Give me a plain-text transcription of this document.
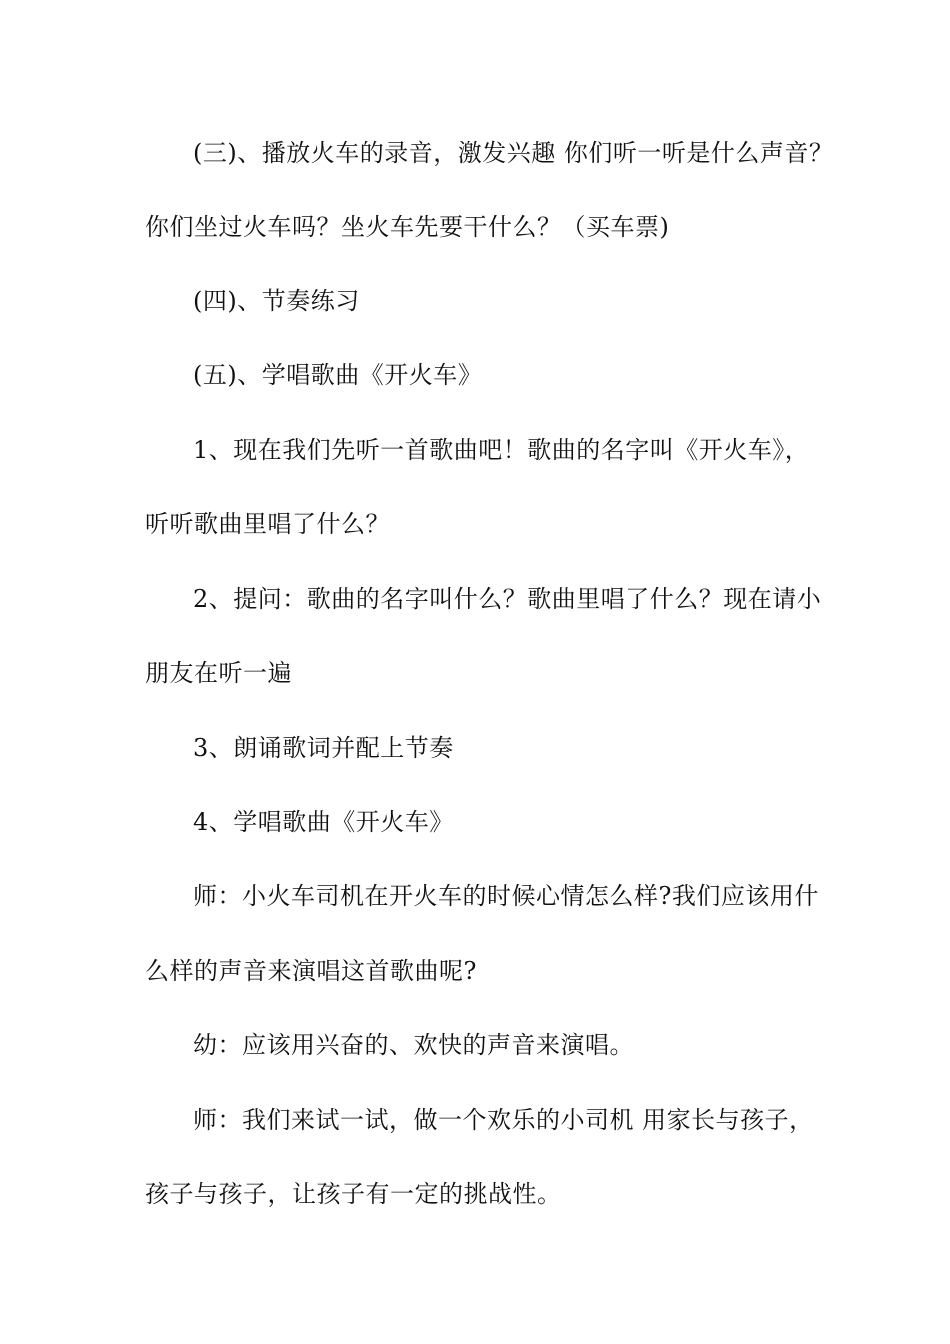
(三)、播放火车的录音，激发兴趣 你们听一听是什么声音？
你们坐过火车吗？坐火车先要干什么？（买车票)
(四)、节奏练习
(五)、学唱歌曲《开火车》
1、现在我们先听一首歌曲吧！歌曲的名字叫《开火车》，
听听歌曲里唱了什么？
2、提问：歌曲的名字叫什么？歌曲里唱了什么？现在请小
朋友在听一遍
3、朗诵歌词并配上节奏
4、学唱歌曲《开火车》
师：小火车司机在开火车的时候心情怎么样?我们应该用什
么样的声音来演唱这首歌曲呢?
幼：应该用兴奋的、欢快的声音来演唱。
师：我们来试一试，做一个欢乐的小司机 用家长与孩子，
孩子与孩子，让孩子有一定的挑战性。
